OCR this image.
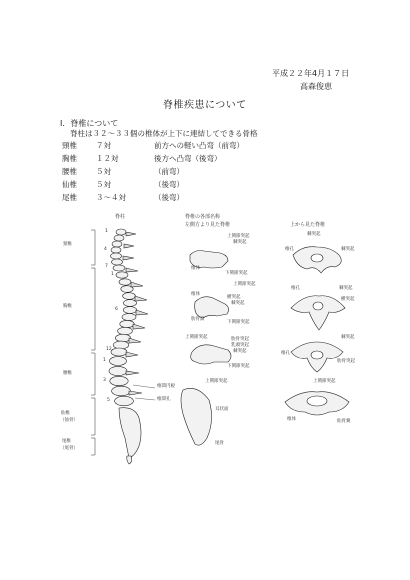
平成２２年4月１７日
高森俊恵
脊椎疾患について
I．脊椎について
脊柱は３２～３３個の椎体が上下に連結してできる骨格
頸椎	７対	前方への軽い凸弯（前弯）
胸椎	１２対	後方へ凸弯（後弯）
腰椎	５対	（前弯）
仙椎	５対	（後弯）
尾椎	３～４対	（後弯）
脊柱	脊椎の各部名称
左側方より見た脊椎	上から見た脊椎
頸椎
胸椎
腰椎
仙椎
（仙骨）
尾椎
（尾骨）
1
4
7
1
6
12
1
3
5
椎間円板
椎間孔
上関節突起
棘突起
椎体
下関節突起
上関節突起
椎体
横突起
棘突起
肋骨窩
下関節突起
上関節突起	肋骨突起
乳頭突起
棘突起
下関節突起
上関節突起
耳状面
尾骨
棘突起
椎孔	棘突起
椎孔	棘突起
横突起
棘突起
椎孔
肋骨突起
上関節突起
椎体	仙骨翼
